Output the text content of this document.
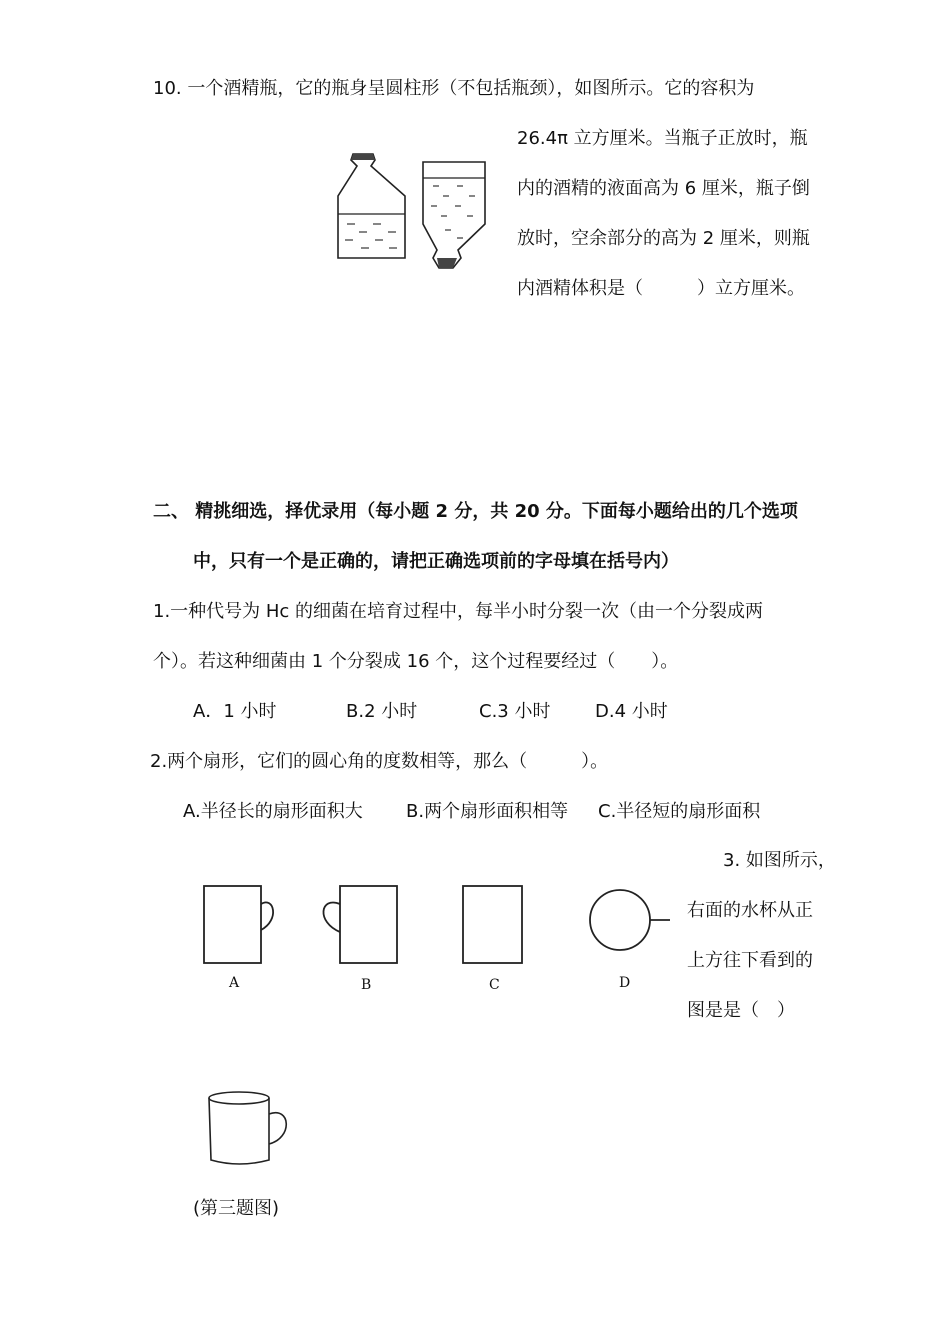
10. 一个酒精瓶，它的瓶身呈圆柱形（不包括瓶颈），如图所示。它的容积为
26.4π 立方厘米。当瓶子正放时，瓶
内的酒精的液面高为 6 厘米，瓶子倒
放时，空余部分的高为 2 厘米，则瓶
内酒精体积是（　　　）立方厘米。
二、 精挑细选，择优录用（每小题 2 分，共 20 分。下面每小题给出的几个选项
中，只有一个是正确的，请把正确选项前的字母填在括号内）
1.一种代号为 Hc 的细菌在培育过程中，每半小时分裂一次（由一个分裂成两
个）。若这种细菌由 1 个分裂成 16 个，这个过程要经过（　　）。
A．1 小时	B.2 小时	C.3 小时 D.4 小时
2.两个扇形，它们的圆心角的度数相等，那么（　　　）。
A.半径长的扇形面积大 B.两个扇形面积相等 C.半径短的扇形面积
3. 如图所示，
右面的水杯从正
上方往下看到的
图是是（　）
A	B	C	D
(第三题图)
